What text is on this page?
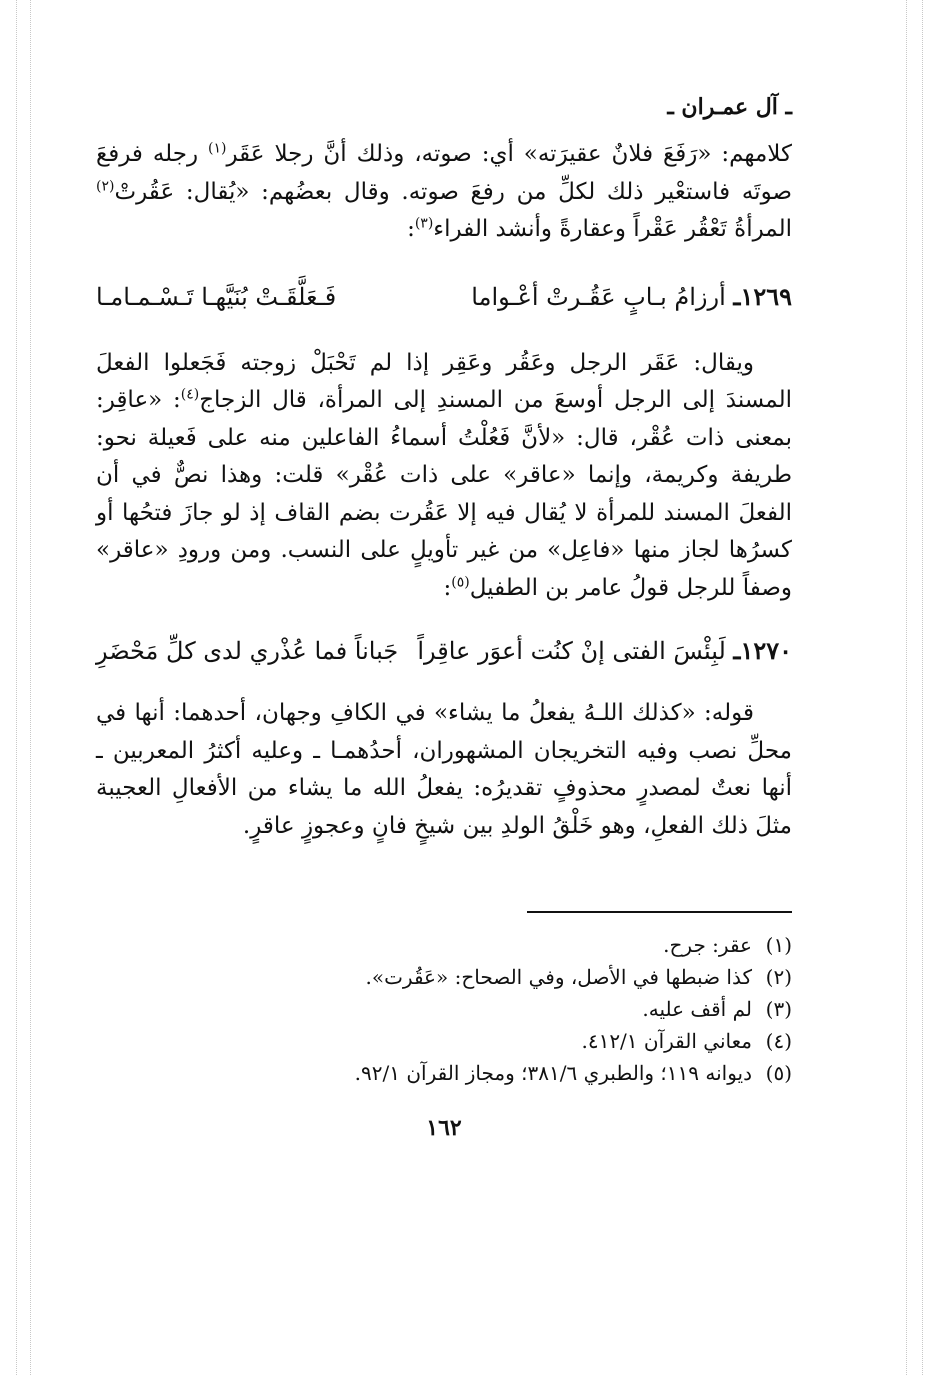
ـ آل عمـران ـ

كلامهم: «رَفَعَ فلانٌ عقيرَته» أي: صوته، وذلك أنَّ رجلا عَقَر$^{(١)}$ رجله فرفعَ صوتَه فاستعْير ذلك لكلِّ من رفعَ صوته. وقال بعضُهم: «يُقال: عَقُرتْ$^{(٢)}$ المرأةُ تَعْقُر عَقْراً وعقارةً وأنشد الفراء$^{(٣)}$:

١٢٦٩ـ أرزامُ بـابٍ عَقُـرتْ أعْـواما
فَـعَلَّقَـتْ بُنَيَّهـا تَـسْـمـامـا

ويقال: عَقَر الرجل وعَقُر وعَقِر إذا لم تَحْبَلْ زوجته فَجَعلوا الفعلَ المسندَ إلى الرجل أوسعَ من المسندِ إلى المرأة، قال الزجاج$^{(٤)}$: «عاقِر: بمعنى ذات عُقْر، قال: «لأنَّ فَعُلْتُ أسماءُ الفاعلين منه على فَعيلة نحو: طريفة وكريمة، وإنما «عاقر» على ذات عُقْر» قلت: وهذا نصٌّ في أن الفعلَ المسند للمرأة لا يُقال فيه إلا عَقُرت بضم القاف إذ لو جازَ فتحُها أو كسرُها لجاز منها «فاعِل» من غير تأويلٍ على النسب. ومن ورودِ «عاقر» وصفاً للرجل قولُ عامر بن الطفيل$^{(٥)}$:

١٢٧٠ـ لَبِئْسَ الفتى إنْ كنُت أعوَر عاقِراً
جَباناً فما عُذْري لدى كلِّ مَحْضَرِ

قوله: «كذلك اللـهُ يفعلُ ما يشاء» في الكافِ وجهان، أحدهما: أنها في محلِّ نصب وفيه التخريجان المشهوران، أحدُهمـا ـ وعليه أكثرُ المعربين ـ أنها نعتٌ لمصدرٍ محذوفٍ تقديرُه: يفعلُ الله ما يشاء من الأفعالِ العجيبة مثلَ ذلك الفعلِ، وهو خَلْقُ الولدِ بين شيخٍ فانٍ وعجوزٍ عاقرٍ.

(١)عقر: جرح.
(٢)كذا ضبطها في الأصل، وفي الصحاح: «عَقُرت».
(٣)لم أقف عليه.
(٤)معاني القرآن ٤١٢/١.
(٥)ديوانه ١١٩؛ والطبري ٣٨١/٦؛ ومجاز القرآن ٩٢/١.
١٦٢
